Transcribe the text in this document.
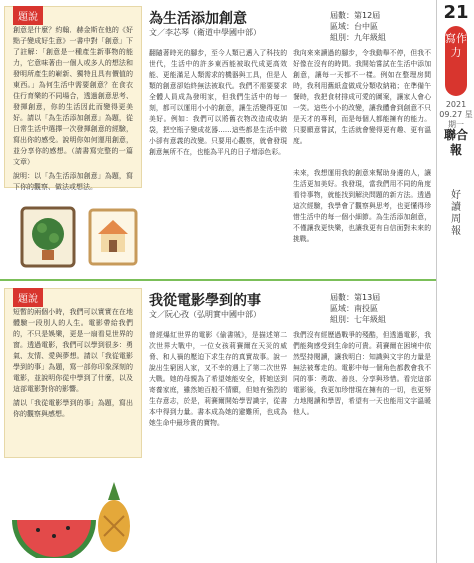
21
寫作力
2021 09.27 星期一
聯合報
好讀周報
題說
創意是什麼？約翰．赫金斯在他的《好點子變成好生意》一書中對「創意」下了註解：「創意是一種產生新事物的能力，它意味著由一個人或多人的想法和發明所產生的嶄新、獨特且具有價值的東西。」為何生活中需要創意？在食衣住行育樂的不同場合，透過創意思考、發揮創意，你的生活因此而變得更美好。請以「為生活添加創意」為題，從日常生活中選擇一次發揮創意的經驗，寫出你的感受。說明你如何運用創意，並分享你的感想。（請書寫完整的一篇文章）
說明：以「為生活添加創意」為題，寫下你的觀察、做法或想法。
為生活添加創意
文／李芯琴（衛道中學國中部）
屆數：第12屆
區域：台中區
組別：九年級組
翻隨著時光的腳步，至今人類已邁入了科技的世代，生活中的許多東西能被取代成更高效能、更能滿足人類需求的機器與工具，但是人類的創意卻始終無法被取代。我們不需要要求全體人員成為發明家，但我們生活中的每一刻，都可以運用小小的創意，讓生活變得更加美好。例如：我們可以將舊衣物改造成收納袋，把空瓶子變成花器……這些都是生活中微小卻有意義的改變。只要用心觀察，就會發現創意無所不在，也能為平凡的日子增添色彩。
我向來來讀過的腳步，令我動舉不停，但我不好像在沒有的時間。我開始嘗試在生活中添加創意，讓每一天都不一樣。例如在整理房間時，我利用舊紙盒做成分類收納箱；在準備午餐時，我把食材排成可愛的圖案，讓家人會心一笑。這些小小的改變，讓我體會到創意不只是天才的專利，而是每個人都能擁有的能力。只要願意嘗試，生活就會變得更有趣、更有溫度。
未來，我想運用我的創意來幫助身邊的人，讓生活更加美好。我發現，當我們用不同的角度看待事物，就能找到解決問題的新方法。透過這次經驗，我學會了觀察與思考，也更懂得珍惜生活中的每一個小細節。為生活添加創意，不僅讓我更快樂，也讓我更有自信面對未來的挑戰。
題說
短暫的兩個小時，我們可以實實在在地體驗一段別人的人生。電影帶給我們的，不只是娛樂，更是一扇看見世界的窗。透過電影，我們可以學到很多：勇氣、友情、愛與夢想。請以「我從電影學到的事」為題，寫一部你印象深刻的電影，並說明你從中學到了什麼，以及這部電影對你的影響。
請以「我從電影學到的事」為題，寫出你的觀察與感想。
我從電影學到的事
文／阮心孜（弘明實中國中部）
屆數：第13屆
區域：南投區
組別：七年級組
曾經爆紅世界的電影《偷書賊》，是描述第二次世界大戰中，一位女孩莉賽爾在天災的威脅、和人禍的壓迫下求生存的真實故事。說一說出生窮困人家，又不幸的遇上了第二次世界大戰。她的母親為了希望她能安全，將她送到寄養家庭，雖然她百般不情願，但她有強烈的生存意志，於是，莉賽爾開始學習識字，從書本中得到力量。書本成為她的避難所，也成為她生命中最珍貴的寶物。
我們沒有經歷過戰爭的殘酷，但透過電影，我們能夠感受到生命的可貴。莉賽爾在困境中依然堅持閱讀，讓我明白：知識與文字的力量是無法被奪走的。電影中每一個角色都教會我不同的事：勇敢、善良、分享與珍惜。看完這部電影後，我更加珍惜現在擁有的一切，也更努力地閱讀和學習，希望有一天也能用文字溫暖他人。
